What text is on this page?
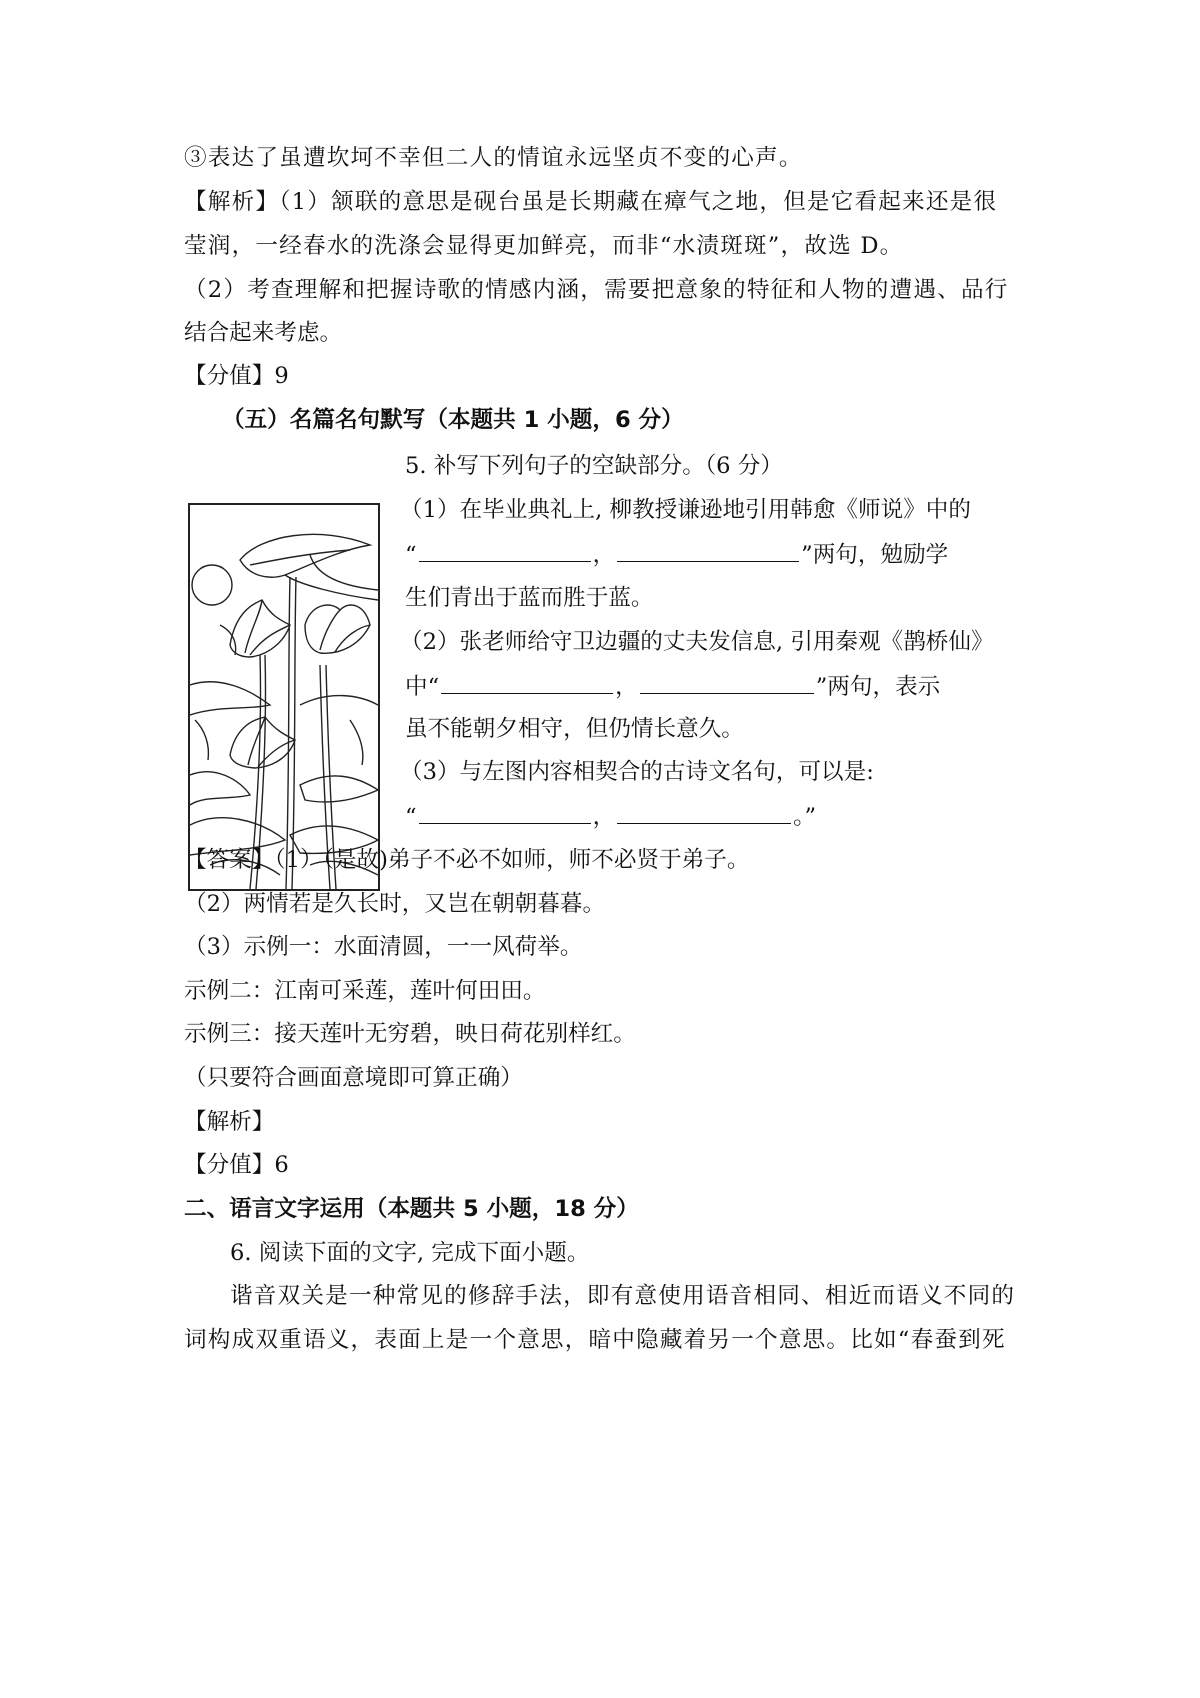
③表达了虽遭坎坷不幸但二人的情谊永远坚贞不变的心声。
【解析】（1）颔联的意思是砚台虽是长期藏在瘴气之地，但是它看起来还是很
莹润，一经春水的洗涤会显得更加鲜亮，而非“水渍斑斑”，故选 D。
（2）考查理解和把握诗歌的情感内涵，需要把意象的特征和人物的遭遇、品行
结合起来考虑。
【分值】9
（五）名篇名句默写（本题共 1 小题，6 分）
5. 补写下列句子的空缺部分。（6 分）
（1）在毕业典礼上, 柳教授谦逊地引用韩愈《师说》中的
“	，	”两句，勉励学
生们青出于蓝而胜于蓝。
（2）张老师给守卫边疆的丈夫发信息, 引用秦观《鹊桥仙》
中“	，	”两句，表示
虽不能朝夕相守，但仍情长意久。
（3）与左图内容相契合的古诗文名句，可以是:
“	，	。”
【答案】（1）（是故)弟子不必不如师，师不必贤于弟子。
（2）两情若是久长时，又岂在朝朝暮暮。
（3）示例一：水面清圆，一一风荷举。
示例二：江南可采莲，莲叶何田田。
示例三：接天莲叶无穷碧，映日荷花别样红。
（只要符合画面意境即可算正确）
【解析】
【分值】6
二、语言文字运用（本题共 5 小题，18 分）
6. 阅读下面的文字, 完成下面小题。
谐音双关是一种常见的修辞手法，即有意使用语音相同、相近而语义不同的
词构成双重语义，表面上是一个意思，暗中隐藏着另一个意思。比如“春蚕到死
